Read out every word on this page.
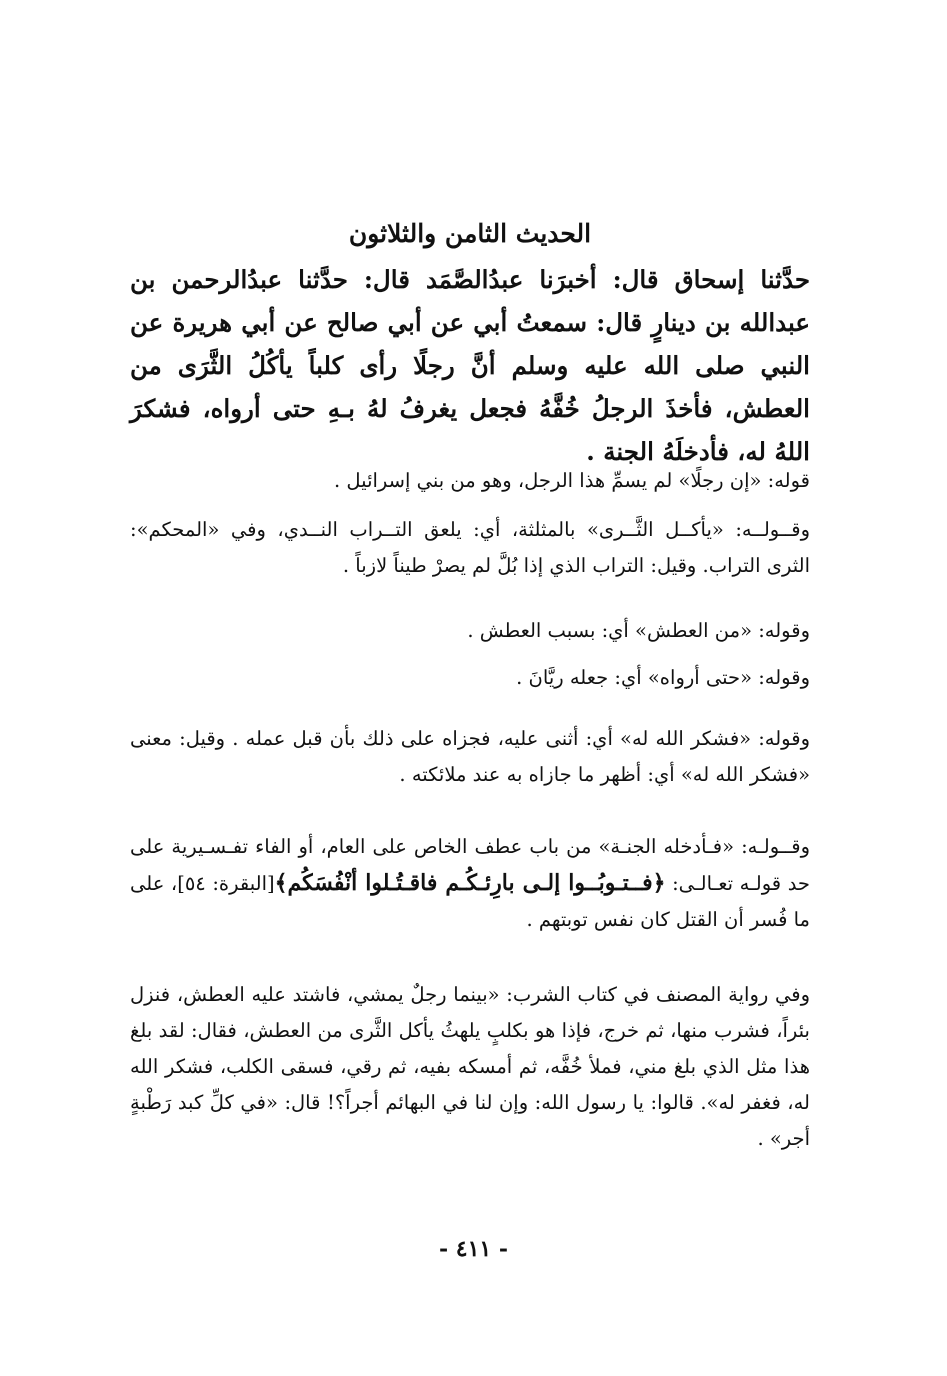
الحديث الثامن والثلاثون
حدَّثنا إسحاق قال: أخبرَنا عبدُالصَّمَد قال: حدَّثنا عبدُالرحمن بن عبدالله بن دينارٍ قال: سمعتُ أبي عن أبي صالح عن أبي هريرة عن النبي صلى الله عليه وسلم أنَّ رجلًا رأى كلباً يأكُلُ الثَّرَى من العطش، فأخذَ الرجلُ خُفَّهُ فجعل يغرفُ لهُ بـهِ حتى أرواه، فشكرَ اللهُ له، فأدخلَهُ الجنة .
قوله: «إن رجلًا» لم يسمِّ هذا الرجل، وهو من بني إسرائيل .
وقــولــه: «يأكــل الثَّــرى» بالمثلثة، أي: يلعق التــراب النــدي، وفي «المحكم»: الثرى التراب. وقيل: التراب الذي إذا بُلَّ لم يصرْ طيناً لازباً .
وقوله: «من العطش» أي: بسبب العطش .
وقوله: «حتى أرواه» أي: جعله ريَّانَ .
وقوله: «فشكر الله له» أي: أثنى عليه، فجزاه على ذلك بأن قبل عمله . وقيل: معنى «فشكر الله له» أي: أظهر ما جازاه به عند ملائكته .
وقــولـه: «فـأدخله الجنـة» من باب عطف الخاص على العام، أو الفاء تفـسـيرية على حد قولـه تعـالـى: ﴿فــتـوبُــوا إلـى بارِئـكُـم فاقـتُـلوا أنْفُسَكُم﴾[البقرة: ٥٤]، على ما فُسر أن القتل كان نفس توبتهم .
وفي رواية المصنف في كتاب الشرب: «بينما رجلٌ يمشي، فاشتد عليه العطش، فنزل بئراً، فشرب منها، ثم خرج، فإذا هو بكلبٍ يلهثُ يأكل الثَّرى من العطش، فقال: لقد بلغ هذا مثل الذي بلغ مني، فملأ خُفَّه، ثم أمسكه بفيه، ثم رقي، فسقى الكلب، فشكر الله له، فغفر له». قالوا: يا رسول الله: وإن لنا في البهائم أجراً؟! قال: «في كلِّ كبد رَطْبةٍ أجر» .
- ٤١١ -
